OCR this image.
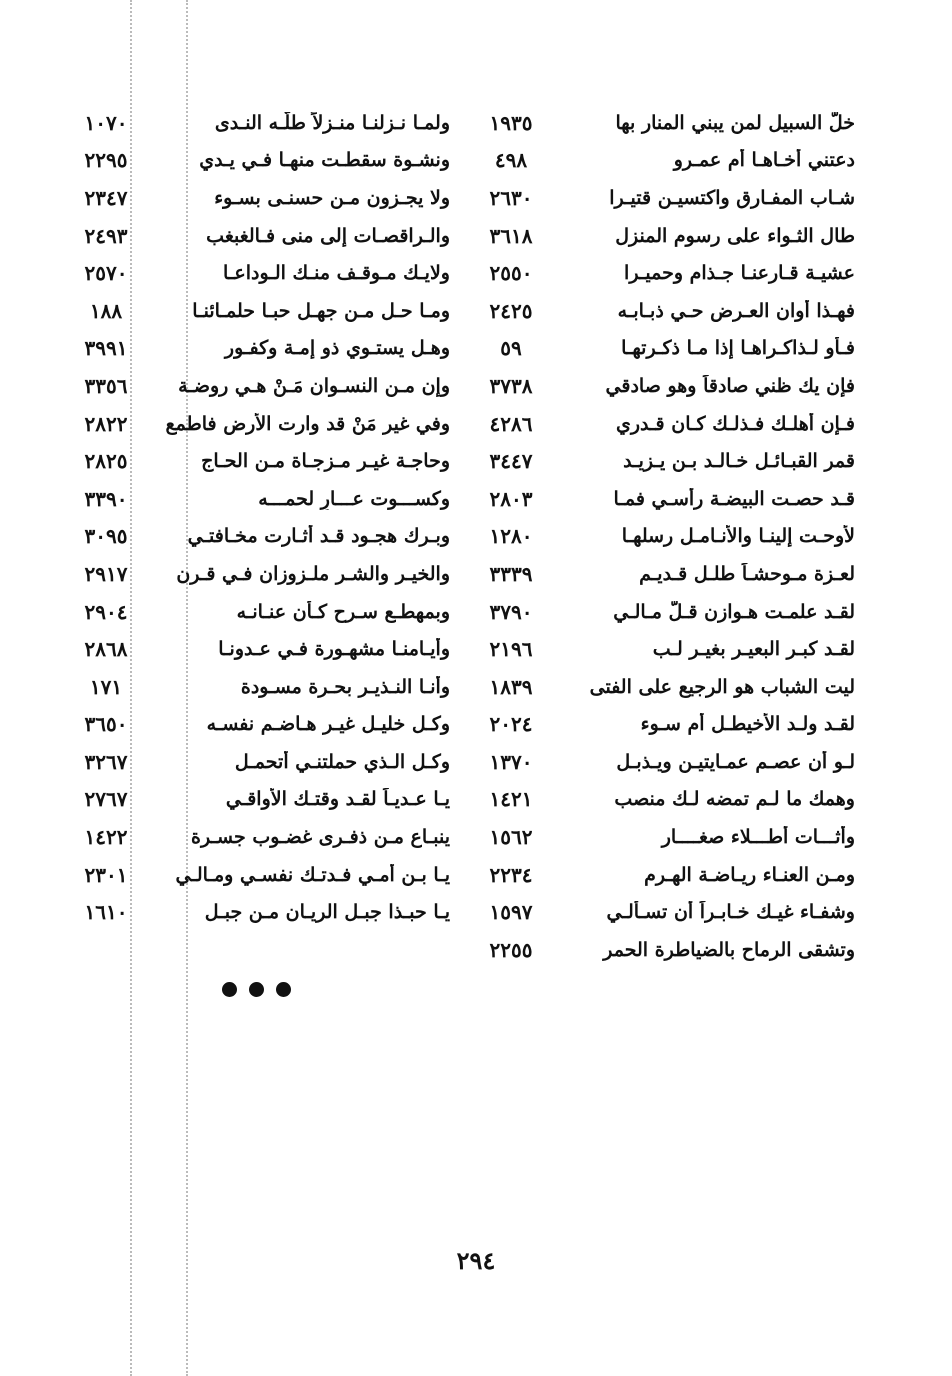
خلّ السبيل لمن يبني المنار بها
١٩٣٥
دعتني أخـاهـا أم عمـرو
٤٩٨
شـاب المفـارق واكتسيـن قتيـرا
٢٦٣٠
طال الثـواء على رسوم المنزل
٣٦١٨
عشيـة قـارعنـا جـذام وحميـرا
٢٥٥٠
فهـذا أوان العـرض حـي ذبـابـه
٢٤٢٥
فـأو لـذاكـراهـا إذا مـا ذكـرتهـا
٥٩
فإن يك ظني صادقاً وهو صادقي
٣٧٣٨
فـإن أهلـك فـذلـك كـان قـدري
٤٢٨٦
قمر القبـائـل خـالـد بـن يـزيـد
٣٤٤٧
قـد حصـت البيضـة رأسـي فمـا
٢٨٠٣
لأوحـت إلينـا والأنـامـل رسلهـا
١٢٨٠
لعـزة مـوحشـاً طلـل قـديـم
٣٣٣٩
لقـد علمـت هـوازن قـلّ مـالـي
٣٧٩٠
لقـد كبـر البعيـر بغيـر لـب
٢١٩٦
ليت الشباب هو الرجيع على الفتى
١٨٣٩
لقـد ولـد الأخيطـل أم سـوء
٢٠٢٤
لـو أن عصـم عمـايتيـن ويـذبـل
١٣٧٠
وهمك ما لـم تمضه لـك منصب
١٤٢١
وأثـــات أطـــلاء صغــــار
١٥٦٢
ومـن العنـاء ريـاضـة الهـرم
٢٢٣٤
وشفـاء غيـك خـابـراً أن تسـألـي
١٥٩٧
وتشقى الرماح بالضياطرة الحمر
٢٢٥٥
ولمـا نـزلنـا منـزلاً طلّـه النـدى
١٠٧٠
ونشـوة سقطـت منهـا فـي يـدي
٢٢٩٥
ولا يجـزون مـن حسنـى بسـوء
٢٣٤٧
والـراقصـات إلى منى فـالغبغب
٢٤٩٣
ولايـك مـوقـف منـك الـوداعـا
٢٥٧٠
ومـا حـل مـن جهـل حبـا حلمـائنـا
١٨٨
وهـل يستـوي ذو إمـة وكفـور
٣٩٩١
وإن مـن النسـوان مَـنْ هـي روضـة
٣٣٥٦
وفي غير مَنْ قد وارت الأرض فاطمع
٢٨٢٢
وحاجـة غيـر مـزجـاة مـن الحـاج
٢٨٢٥
وكســـوت عـــارٍ لحمـــه
٣٣٩٠
وبـرك هجـود قـد أثـارت مخـافتـي
٣٠٩٥
والخيـر والشـر ملـزوزان فـي قـرن
٢٩١٧
وبمهطـع سـرح كـأن عنـانـه
٢٩٠٤
وأيـامنـا مشهـورة فـي عـدونـا
٢٨٦٨
وأنـا النـذيـر بحـرة مسـودة
١٧١
وكـل خليـل غيـر هـاضـم نفسـه
٣٦٥٠
وكـل الـذي حملتنـي أتحمـل
٣٢٦٧
يـا عـديـاً لقـد وقتـك الأواقـي
٢٧٦٧
ينبـاع مـن ذفـرى غضـوب جسـرة
١٤٢٢
يـا بـن أمـي فـدتـك نفسـي ومـالـي
٢٣٠١
يـا حبـذا جبـل الريـان مـن جبـل
١٦١٠
٢٩٤
